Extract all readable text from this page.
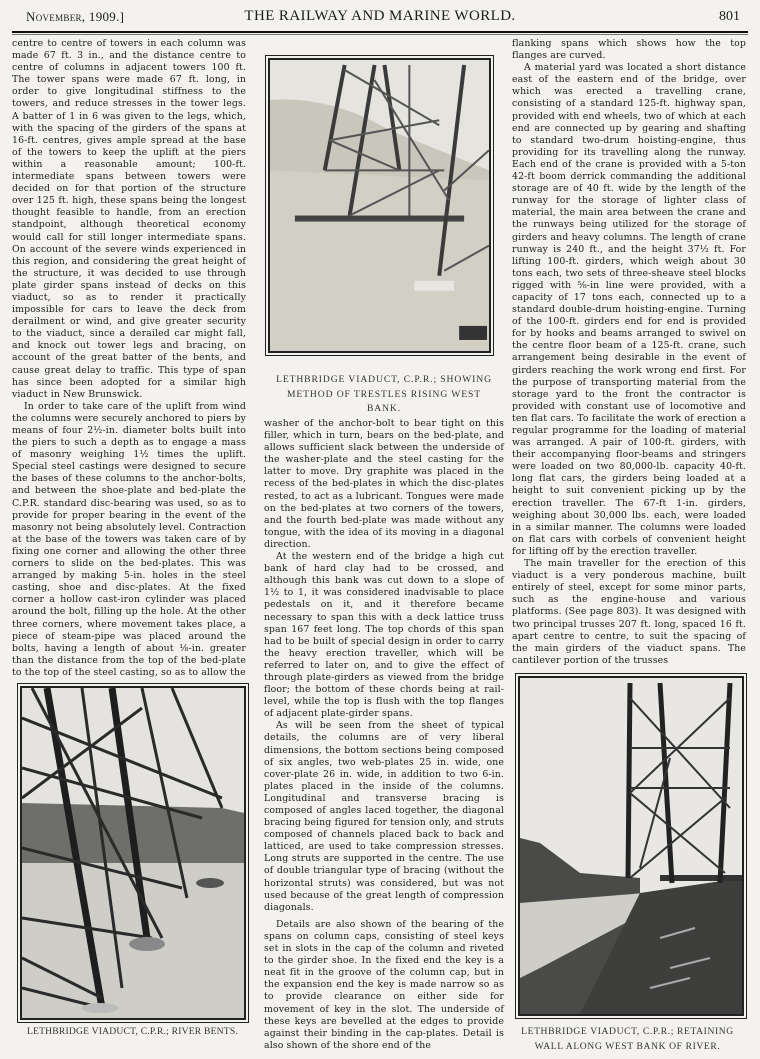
November, 1909.]	THE RAILWAY AND MARINE WORLD.	801

centre to centre of towers in each column was made 67 ft. 3 in., and the distance centre to centre of columns in adjacent towers 100 ft. The tower spans were made 67 ft. long, in order to give longitudinal stiffness to the towers, and reduce stresses in the tower legs. A batter of 1 in 6 was given to the legs, which, with the spacing of the girders of the spans at 16-ft. centres, gives ample spread at the base of the towers to keep the uplift at the piers within a reasonable amount; 100-ft. intermediate spans between towers were decided on for that portion of the structure over 125 ft. high, these spans being the longest thought feasible to handle, from an erection standpoint, although theoretical economy would call for still longer intermediate spans. On account of the severe winds experienced in this region, and considering the great height of the structure, it was decided to use through plate girder spans instead of decks on this viaduct, so as to render it practically impossible for cars to leave the deck from derailment or wind, and give greater security to the viaduct, since a derailed car might fall, and knock out tower legs and bracing, on account of the great batter of the bents, and cause great delay to traffic. This type of span has since been adopted for a similar high viaduct in New Brunswick.

In order to take care of the uplift from wind the columns were securely anchored to piers by means of four 2½-in. diameter bolts built into the piers to such a depth as to engage a mass of masonry weighing 1½ times the uplift. Special steel castings were designed to secure the bases of these columns to the anchor-bolts, and between the shoe-plate and bed-plate the C.P.R. standard disc-bearing was used, so as to provide for proper bearing in the event of the masonry not being absolutely level. Contraction at the base of the towers was taken care of by fixing one corner and allowing the other three corners to slide on the bed-plates. This was arranged by making 5-in. holes in the steel casting, shoe and disc-plates. At the fixed corner a hollow cast-iron cylinder was placed around the bolt, filling up the hole. At the other three corners, where movement takes place, a piece of steam-pipe was placed around the bolts, having a length of about ⅛-in. greater than the distance from the top of the bed-plate to the top of the steel casting, so as to allow the

LETHBRIDGE VIADUCT, C.P.R.; SHOWING
METHOD OF TRESTLES RISING WEST
BANK.

washer of the anchor-bolt to bear tight on this filler, which in turn, bears on the bed-plate, and allows sufficient slack between the underside of the washer-plate and the steel casting for the latter to move. Dry graphite was placed in the recess of the bed-plates in which the disc-plates rested, to act as a lubricant. Tongues were made on the bed-plates at two corners of the towers, and the fourth bed-plate was made without any tongue, with the idea of its moving in a diagonal direction.

At the western end of the bridge a high cut bank of hard clay had to be crossed, and although this bank was cut down to a slope of 1½ to 1, it was considered inadvisable to place pedestals on it, and it therefore became necessary to span this with a deck lattice truss span 167 feet long. The top chords of this span had to be built of special design in order to carry the heavy erection traveller, which will be referred to later on, and to give the effect of through plate-girders as viewed from the bridge floor; the bottom of these chords being at rail-level, while the top is flush with the top flanges of adjacent plate-girder spans.

As will be seen from the sheet of typical details, the columns are of very liberal dimensions, the bottom sections being composed of six angles, two web-plates 25 in. wide, one cover-plate 26 in. wide, in addition to two 6-in. plates placed in the inside of the columns. Longitudinal and transverse bracing is composed of angles laced together, the diagonal bracing being figured for tension only, and struts composed of channels placed back to back and latticed, are used to take compression stresses. Long struts are supported in the centre. The use of double triangular type of bracing (without the horizontal struts) was considered, but was not used because of the great length of compression diagonals.

Details are also shown of the bearing of the spans on column caps, consisting of steel keys set in slots in the cap of the column and riveted to the girder shoe. In the fixed end the key is a neat fit in the groove of the column cap, but in the expansion end the key is made narrow so as to provide clearance on either side for movement of key in the slot. The underside of these keys are bevelled at the edges to provide against their binding in the cap-plates. Detail is also shown of the shore end of the

LETHBRIDGE VIADUCT, C.P.R.; RIVER BENTS.

flanking spans which shows how the top flanges are curved.

A material yard was located a short distance east of the eastern end of the bridge, over which was erected a travelling crane, consisting of a standard 125-ft. highway span, provided with end wheels, two of which at each end are connected up by gearing and shafting to standard two-drum hoisting-engine, thus providing for its travelling along the runway. Each end of the crane is provided with a 5-ton 42-ft boom derrick commanding the additional storage are of 40 ft. wide by the length of the runway for the storage of lighter class of material, the main area between the crane and the runways being utilized for the storage of girders and heavy columns. The length of crane runway is 240 ft., and the height 37½ ft. For lifting 100-ft. girders, which weigh about 30 tons each, two sets of three-sheave steel blocks rigged with ⅝-in line were provided, with a capacity of 17 tons each, connected up to a standard double-drum hoisting-engine. Turning of the 100-ft. girders end for end is provided for by hooks and beams arranged to swivel on the centre floor beam of a 125-ft. crane, such arrangement being desirable in the event of girders reaching the work wrong end first. For the purpose of transporting material from the storage yard to the front the contractor is provided with constant use of locomotive and ten flat cars. To facilitate the work of erection a regular programme for the loading of material was arranged. A pair of 100-ft. girders, with their accompanying floor-beams and stringers were loaded on two 80,000-lb. capacity 40-ft. long flat cars, the girders being loaded at a height to suit convenient picking up by the erection traveller. The 67-ft 1-in. girders, weighing about 30,000 lbs. each, were loaded in a similar manner. The columns were loaded on flat cars with corbels of convenient height for lifting off by the erection traveller.

The main traveller for the erection of this viaduct is a very ponderous machine, built entirely of steel, except for some minor parts, such as the engine-house and various platforms. (See page 803). It was designed with two principal trusses 207 ft. long, spaced 16 ft. apart centre to centre, to suit the spacing of the main girders of the viaduct spans. The cantilever portion of the trusses

LETHBRIDGE VIADUCT, C.P.R.; RETAINING
WALL ALONG WEST BANK OF RIVER.
